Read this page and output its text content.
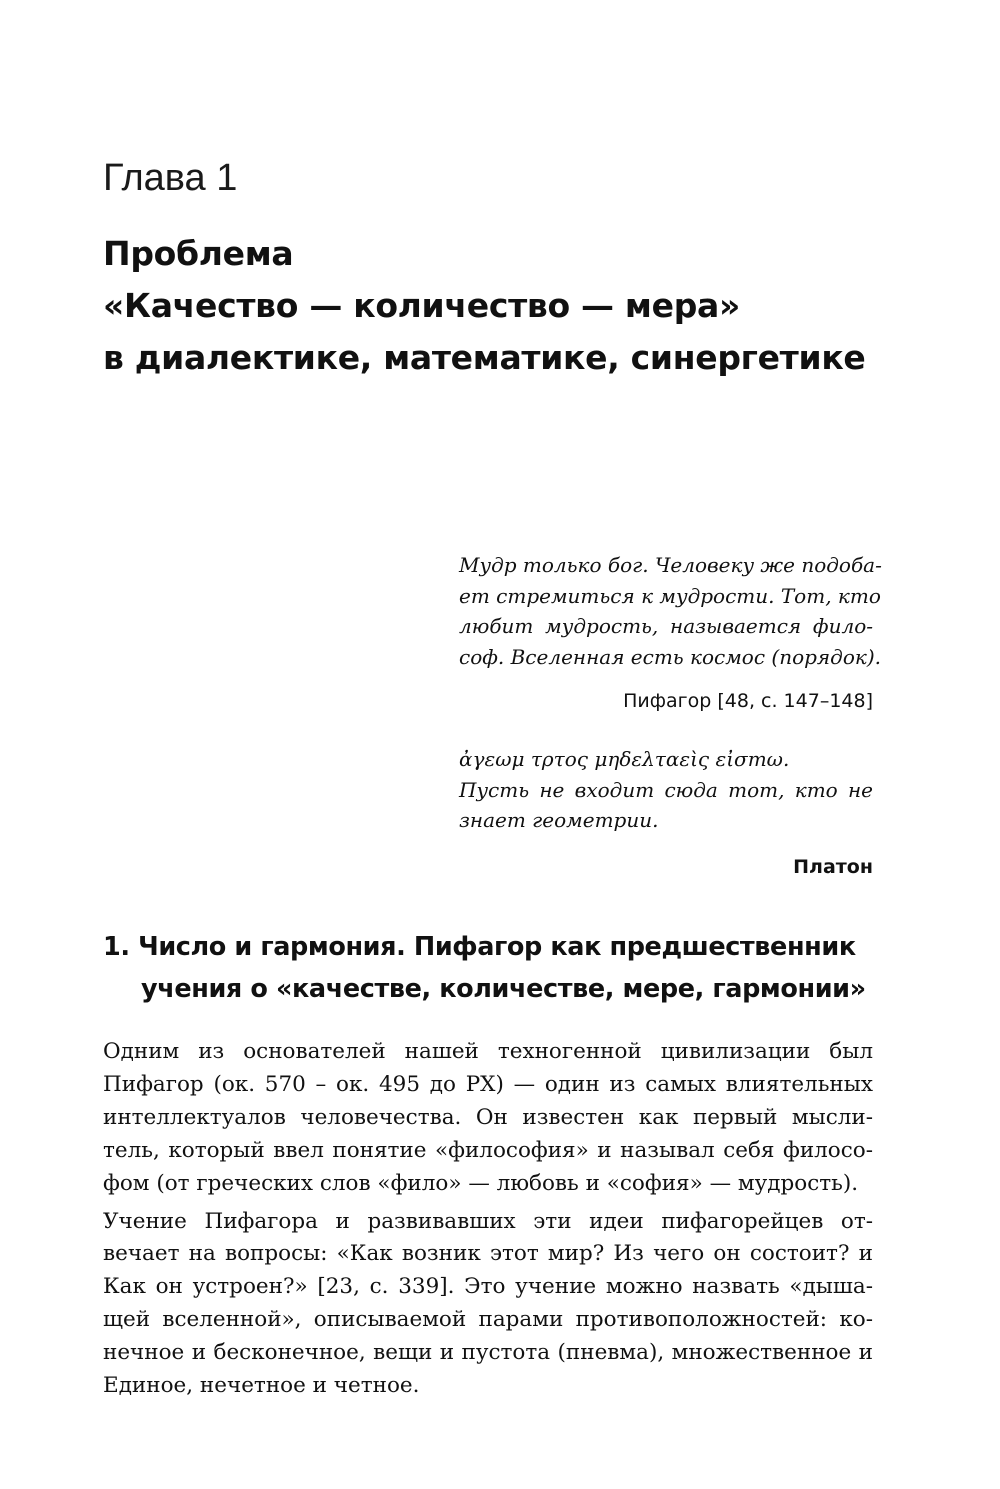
Глава 1
Проблема
«Качество — количество — мера»
в диалектике, математике, синергетике
Мудр только бог. Человеку же подоба-
ет стремиться к мудрости. Тот, кто
любит мудрость, называется фило-
соф. Вселенная есть космос (порядок).
Пифагор [48, с. 147–148]
ἀγεωμ τρτος μηδελταεὶς εἰσтω.
Пусть не входит сюда тот, кто не
знает геометрии.
Платон
1. Число и гармония. Пифагор как предшественник
учения о «качестве, количестве, мере, гармонии»
Одним из основателей нашей техногенной цивилизации был
Пифагор (ок. 570 – ок. 495 до РХ) — один из самых влиятельных
интеллектуалов человечества. Он известен как первый мысли-
тель, который ввел понятие «философия» и называл себя филосо-
фом (от греческих слов «фило» — любовь и «софия» — мудрость).
Учение Пифагора и развивавших эти идеи пифагорейцев от-
вечает на вопросы: «Как возник этот мир? Из чего он состоит? и
Как он устроен?» [23, с. 339]. Это учение можно назвать «дыша-
щей вселенной», описываемой парами противоположностей: ко-
нечное и бесконечное, вещи и пустота (пневма), множественное и
Единое, нечетное и четное.
